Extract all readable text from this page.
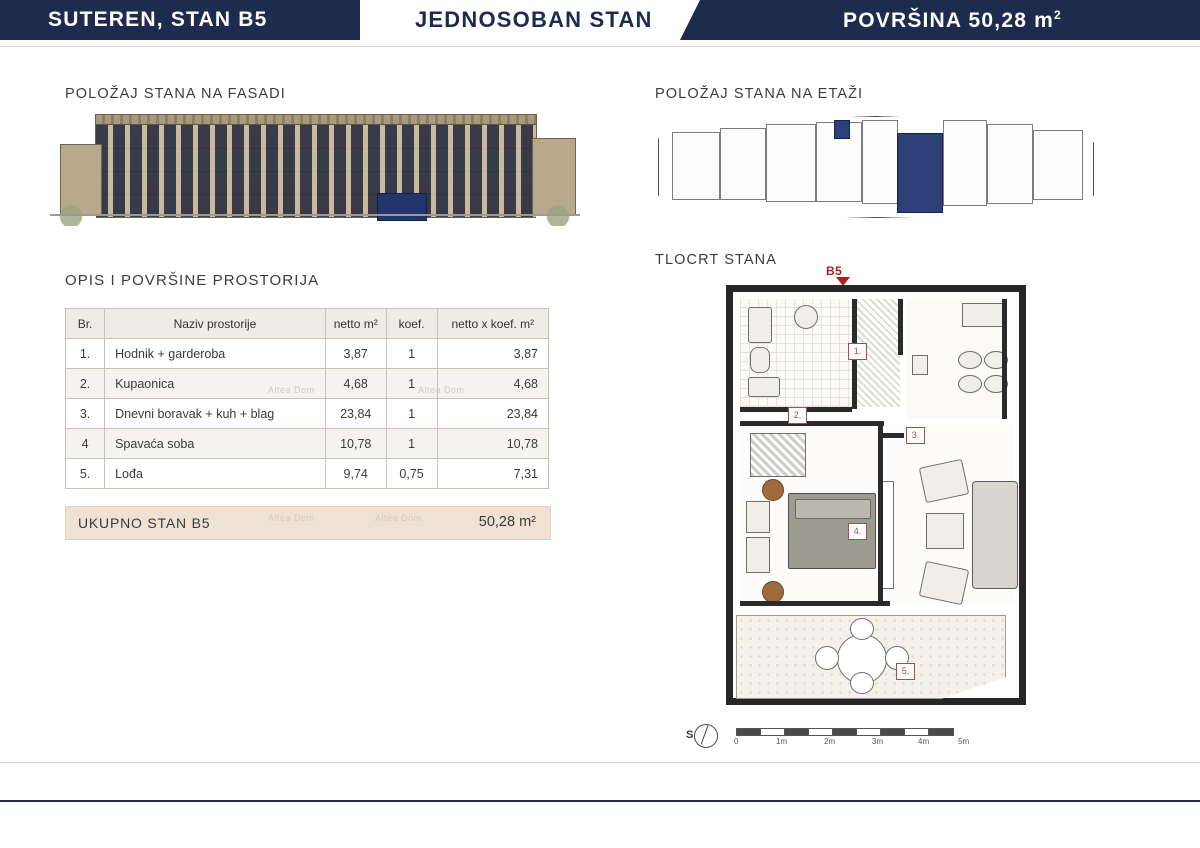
SUTEREN, STAN B5	JEDNOSOBAN STAN	POVRŠINA 50,28 $m^2$
POLOŽAJ STANA NA FASADI	POLOŽAJ STANA NA ETAŽI
OPIS I POVRŠINE PROSTORIJA
TLOCRT STANA
Br.	Naziv prostorije	netto m²	koef.	netto x koef. m²
1.	Hodnik + garderoba	3,87	1	3,87
2.	Kupaonica	4,68	1	4,68
3.	Dnevni boravak + kuh + blag	23,84	1	23,84
4	Spavaća soba	10,78	1	10,78
5.	Lođa	9,74	0,75	7,31
UKUPNO STAN B5	50,28 m²
Altea Dom	Altea Dom
Altea Dom	Altea Dom
B5
1.
2.
3.
4.
5.
S
0	1m	2m	3m	4m	5m
